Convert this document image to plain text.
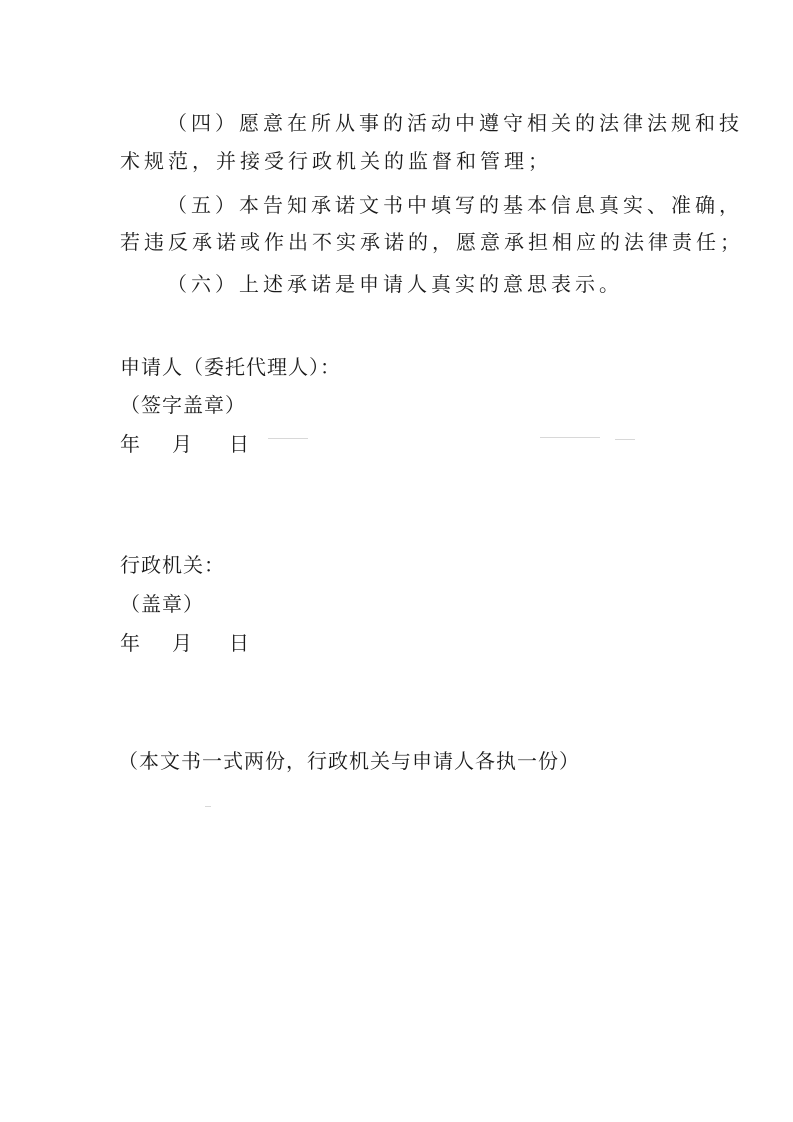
（四）愿意在所从事的活动中遵守相关的法律法规和技
术规范，并接受行政机关的监督和管理；
（五）本告知承诺文书中填写的基本信息真实、准确，
若违反承诺或作出不实承诺的，愿意承担相应的法律责任；
（六）上述承诺是申请人真实的意思表示。
申请人（委托代理人）：
（签字盖章）
年 月 日
行政机关：
（盖章）
年 月 日
（本文书一式两份，行政机关与申请人各执一份）
